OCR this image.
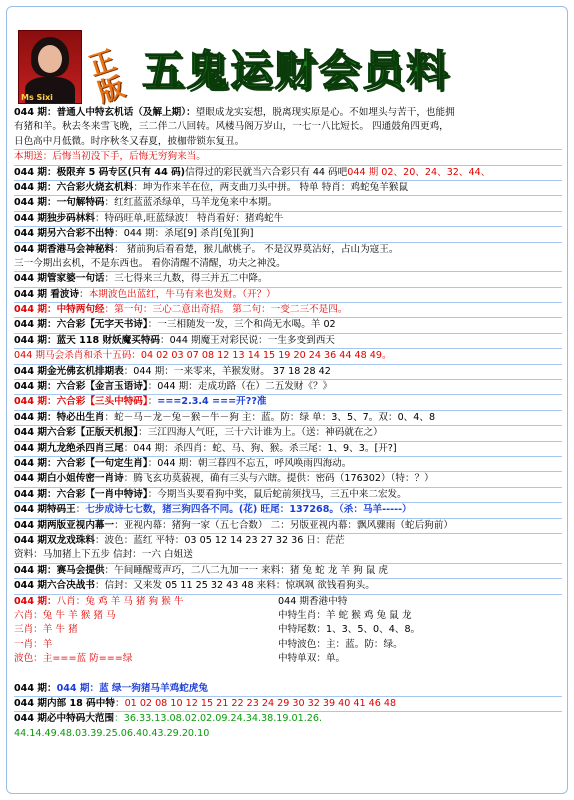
Ms Sixi
正版 五鬼运财会员料
044 期：普通人中特玄机话（及解上期）：望眼成龙实妄想，脱离现实原是心。不如埋头与苦干，也能拥
有猪和羊。秋去冬来雪飞晚，三二伴二八回转。风楼马阁万岁山，一七一八比短长。 四通鼓角四更鸡，
日色高中月低微。时序秋冬又春夏，披枷带锁东复丑。
本期送：后悔当初没下手，后悔无穷狗来当。
044 期：极限弃 5 码专区(只有 44 码)信得过的彩民就当六合彩只有 44 码吧044 期 02、20、24、32、44、
044 期：六合彩火烧玄机料：坤为作来羊在位，两支曲刀头中拼。 特单 特肖：鸡蛇兔羊猴鼠
044 期：一句解特码：红红蓝蓝杀绿单，马羊龙兔来中本期。
044 期独步码林料：特码旺单,旺蓝绿波！ 特肖看好：猪鸡蛇牛
044 期另六合彩不出特：044 期：杀尾[9] 杀肖[兔][狗]
044 期香港马会神秘料： 猪前狗后看看楚，猴儿献桃子。 不是汉界莫沾好，占山为寇王。
三一今期出玄机，不是东西也。 看你清醒不清醒，功夫之神没。
044 期管家婆一句话：三七得来三九数，得三并五二中降。
044 期 看波诗：本期波色出蓝红，牛马有来也发财。（开？）
044 期：中特两句经：第一句：三心二意出奇招。 第二句：一变二三不是四。
044 期：六合彩【无字天书诗】：一三相随发一发，三个和尚无水喝。羊 02
044 期：蓝天 118 财妖魔买特码：044 期魔王对彩民说：一生多变到西天
044 期马会杀肖和杀十五码：04 02 03 07 08 12 13 14 15 19 20 24 36 44 48 49。
044 期金光佛玄机排期表：044 期：一来零来，羊猴发财。 37 18 28 42
044 期：六合彩【金言玉语诗】：044 期：走成功路（在）二五发财《？》
044 期：六合彩【三头中特码】：===2.3.4 ===开??准
044 期：特必出生肖：蛇－马－龙－兔－猴－牛－狗 主：蓝。防：绿 单：3、5、7。双：0、4、8
044 期六合彩【正版天机报】：三江四海人气旺，三十六计谁为上。（送：神码就在之）
044 期九龙绝杀四肖三尾：044 期：杀四肖：蛇、马、狗、猴。杀三尾：1、9、3。[开?]
044 期：六合彩【一句定生肖】：044 期：朝三暮四不忘五，呼风唤雨四海动。
044 期白小姐传密一肖诗：腾飞玄功莫藐视，确有三头与六瞎。提供：密码（176302）（特：？）
044 期：六合彩【一肖中特诗】：今期当头要看狗中奖，鼠后蛇前须找马，三五中来二宏发。
044 期特码王：七步成诗七七数，猪三狗四各不同。(花) 旺尾：137268。（杀：马羊-----）
044 期两版亚视内幕一：亚视内幕：猪狗一家（五七合数） 二：另版亚视内幕：飘风骤雨（蛇后狗前）
044 期双龙戏珠料：波色：蓝红 平特：03 05 12 14 23 27 32 36 日：茫茫
资料：马加猪上下五步 信封：一六 白姐送
044 期：赛马会提供：午间睡醒莺声巧，二八二九加一一 来料：猪 兔 蛇 龙 羊 狗 鼠 虎
044 期六合决战书：信封：又来发 05 11 25 32 43 48 来料：惊飒飒 欲钱看狗头。
044 期：八肖：兔 鸡 羊 马 猪 狗 猴 牛
六肖：兔 牛 羊 猴 猪 马
三肖：羊 牛 猪
一肖：羊
波色：主===蓝 防===绿
044 期香港中特
中特生肖：羊 蛇 猴 鸡 兔 鼠 龙
中特尾数：1、3、5、0、4、8。
中特波色：主：蓝。防：绿。
中特单双：单。
044 期：044 期：蓝 绿一狗猪马羊鸡蛇虎兔
044 期内部 18 码中特：01 02 08 10 12 15 21 22 23 24 29 30 32 39 40 41 46 48
044 期必中特码大范围：36.33.13.08.02.02.09.24.34.38.19.01.26.
44.14.49.48.03.39.25.06.40.43.29.20.10
